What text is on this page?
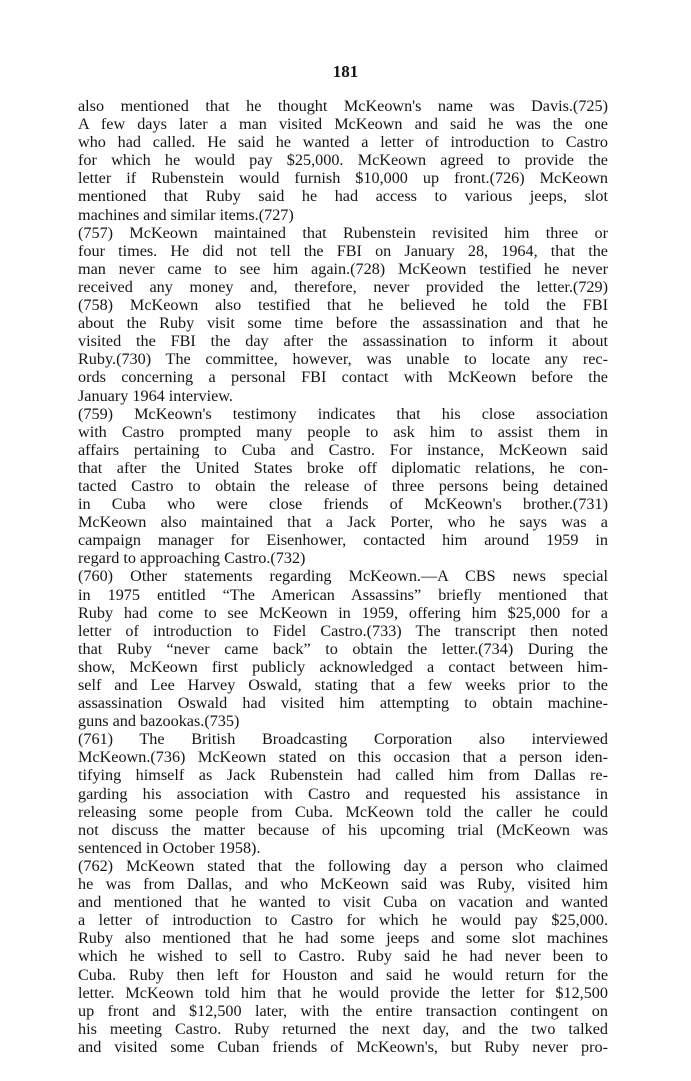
181
also mentioned that he thought McKeown's name was Davis.(725)
A few days later a man visited McKeown and said he was the one
who had called. He said he wanted a letter of introduction to Castro
for which he would pay $25,000. McKeown agreed to provide the
letter if Rubenstein would furnish $10,000 up front.(726) McKeown
mentioned that Ruby said he had access to various jeeps, slot
machines and similar items.(727)
(757) McKeown maintained that Rubenstein revisited him three or
four times. He did not tell the FBI on January 28, 1964, that the
man never came to see him again.(728) McKeown testified he never
received any money and, therefore, never provided the letter.(729)
(758) McKeown also testified that he believed he told the FBI
about the Ruby visit some time before the assassination and that he
visited the FBI the day after the assassination to inform it about
Ruby.(730) The committee, however, was unable to locate any rec-
ords concerning a personal FBI contact with McKeown before the
January 1964 interview.
(759) McKeown's testimony indicates that his close association
with Castro prompted many people to ask him to assist them in
affairs pertaining to Cuba and Castro. For instance, McKeown said
that after the United States broke off diplomatic relations, he con-
tacted Castro to obtain the release of three persons being detained
in Cuba who were close friends of McKeown's brother.(731)
McKeown also maintained that a Jack Porter, who he says was a
campaign manager for Eisenhower, contacted him around 1959 in
regard to approaching Castro.(732)
(760) Other statements regarding McKeown.—A CBS news special
in 1975 entitled “The American Assassins” briefly mentioned that
Ruby had come to see McKeown in 1959, offering him $25,000 for a
letter of introduction to Fidel Castro.(733) The transcript then noted
that Ruby “never came back” to obtain the letter.(734) During the
show, McKeown first publicly acknowledged a contact between him-
self and Lee Harvey Oswald, stating that a few weeks prior to the
assassination Oswald had visited him attempting to obtain machine-
guns and bazookas.(735)
(761) The British Broadcasting Corporation also interviewed
McKeown.(736) McKeown stated on this occasion that a person iden-
tifying himself as Jack Rubenstein had called him from Dallas re-
garding his association with Castro and requested his assistance in
releasing some people from Cuba. McKeown told the caller he could
not discuss the matter because of his upcoming trial (McKeown was
sentenced in October 1958).
(762) McKeown stated that the following day a person who claimed
he was from Dallas, and who McKeown said was Ruby, visited him
and mentioned that he wanted to visit Cuba on vacation and wanted
a letter of introduction to Castro for which he would pay $25,000.
Ruby also mentioned that he had some jeeps and some slot machines
which he wished to sell to Castro. Ruby said he had never been to
Cuba. Ruby then left for Houston and said he would return for the
letter. McKeown told him that he would provide the letter for $12,500
up front and $12,500 later, with the entire transaction contingent on
his meeting Castro. Ruby returned the next day, and the two talked
and visited some Cuban friends of McKeown's, but Ruby never pro-
